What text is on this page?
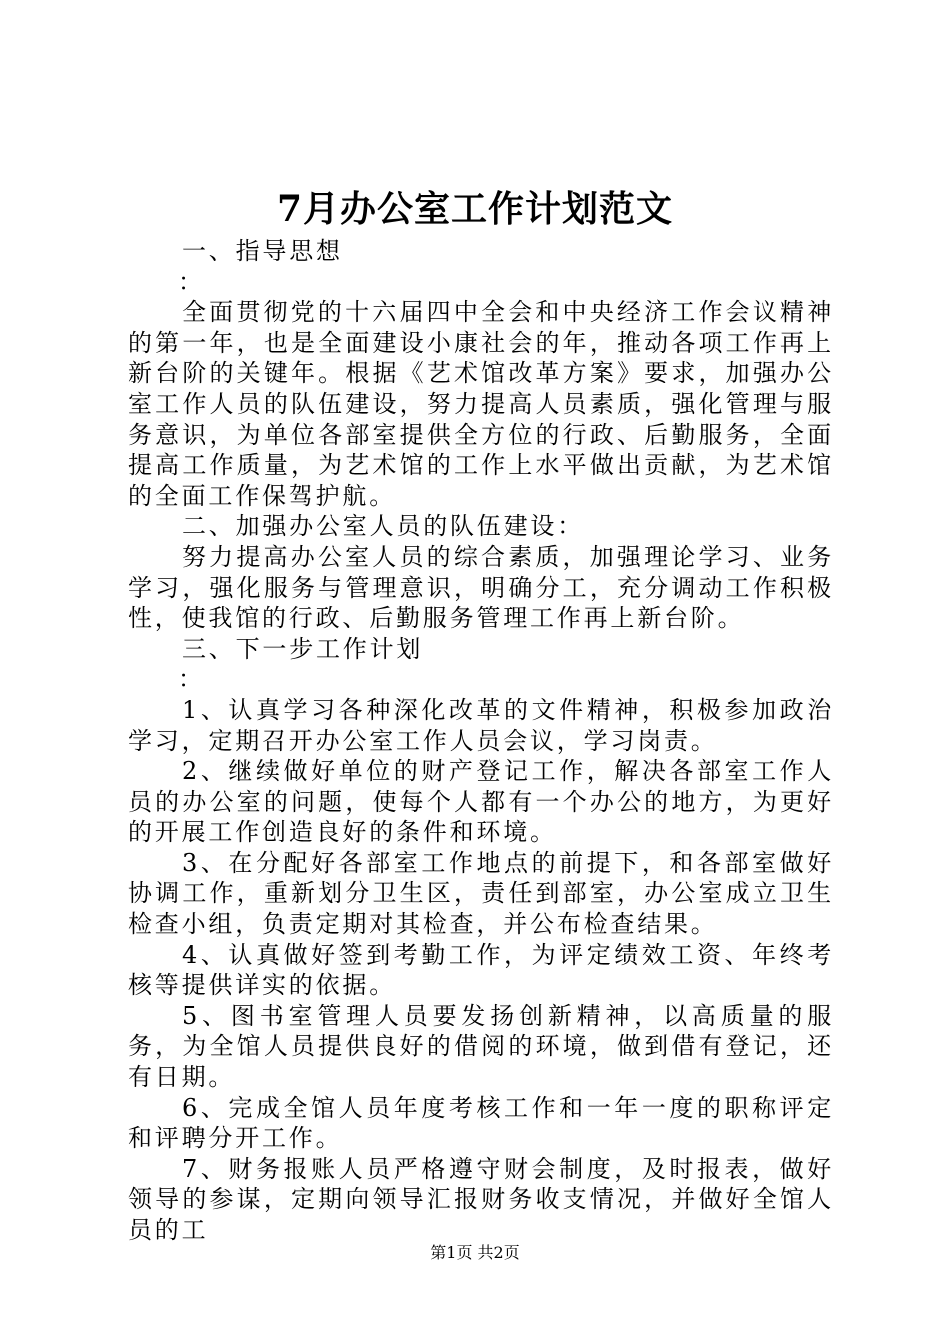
7月办公室工作计划范文

一、指导思想

：

全面贯彻党的十六届四中全会和中央经济工作会议精神的第一年，也是全面建设小康社会的年，推动各项工作再上新台阶的关键年。根据《艺术馆改革方案》要求，加强办公室工作人员的队伍建设，努力提高人员素质，强化管理与服务意识，为单位各部室提供全方位的行政、后勤服务，全面提高工作质量，为艺术馆的工作上水平做出贡献，为艺术馆的全面工作保驾护航。

二、加强办公室人员的队伍建设：

努力提高办公室人员的综合素质，加强理论学习、业务学习，强化服务与管理意识，明确分工，充分调动工作积极性，使我馆的行政、后勤服务管理工作再上新台阶。

三、下一步工作计划

：

1、认真学习各种深化改革的文件精神，积极参加政治学习，定期召开办公室工作人员会议，学习岗责。

2、继续做好单位的财产登记工作，解决各部室工作人员的办公室的问题，使每个人都有一个办公的地方，为更好的开展工作创造良好的条件和环境。

3、在分配好各部室工作地点的前提下，和各部室做好协调工作，重新划分卫生区，责任到部室，办公室成立卫生检查小组，负责定期对其检查，并公布检查结果。

4、认真做好签到考勤工作，为评定绩效工资、年终考核等提供详实的依据。

5、图书室管理人员要发扬创新精神，以高质量的服务，为全馆人员提供良好的借阅的环境，做到借有登记，还有日期。

6、完成全馆人员年度考核工作和一年一度的职称评定和评聘分开工作。

7、财务报账人员严格遵守财会制度，及时报表，做好领导的参谋，定期向领导汇报财务收支情况，并做好全馆人员的工

第1页 共2页
